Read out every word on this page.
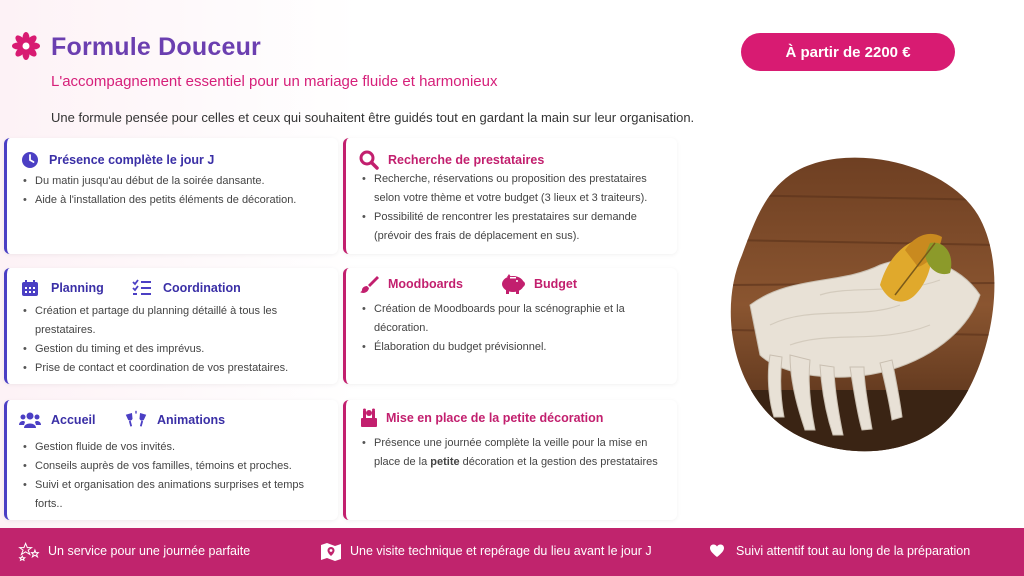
Formule Douceur
L'accompagnement essentiel pour un mariage fluide et harmonieux
Une formule pensée pour celles et ceux qui souhaitent être guidés tout en gardant la main sur leur organisation.
À partir de 2200 €
Présence complète le jour J
• Du matin jusqu'au début de la soirée dansante.
• Aide à l'installation des petits éléments de décoration.
Recherche de prestataires
• Recherche, réservations ou proposition des prestataires selon votre thème et votre budget (3 lieux et 3 traiteurs).
• Possibilité de rencontrer les prestataires sur demande (prévoir des frais de déplacement en sus).
Planning	Coordination
• Création et partage du planning détaillé à tous les prestataires.
• Gestion du timing et des imprévus.
• Prise de contact et coordination de vos prestataires.
Moodboards	Budget
• Création de Moodboards pour la scénographie et la décoration.
• Élaboration du budget prévisionnel.
Accueil	Animations
• Gestion fluide de vos invités.
• Conseils auprès de vos familles, témoins et proches.
• Suivi et organisation des animations surprises et temps forts..
Mise en place de la petite décoration
• Présence une journée complète la veille pour la mise en place de la petite décoration et la gestion des prestataires
Un service pour une journée parfaite	Une visite technique et repérage du lieu avant le jour J	Suivi attentif tout au long de la préparation
